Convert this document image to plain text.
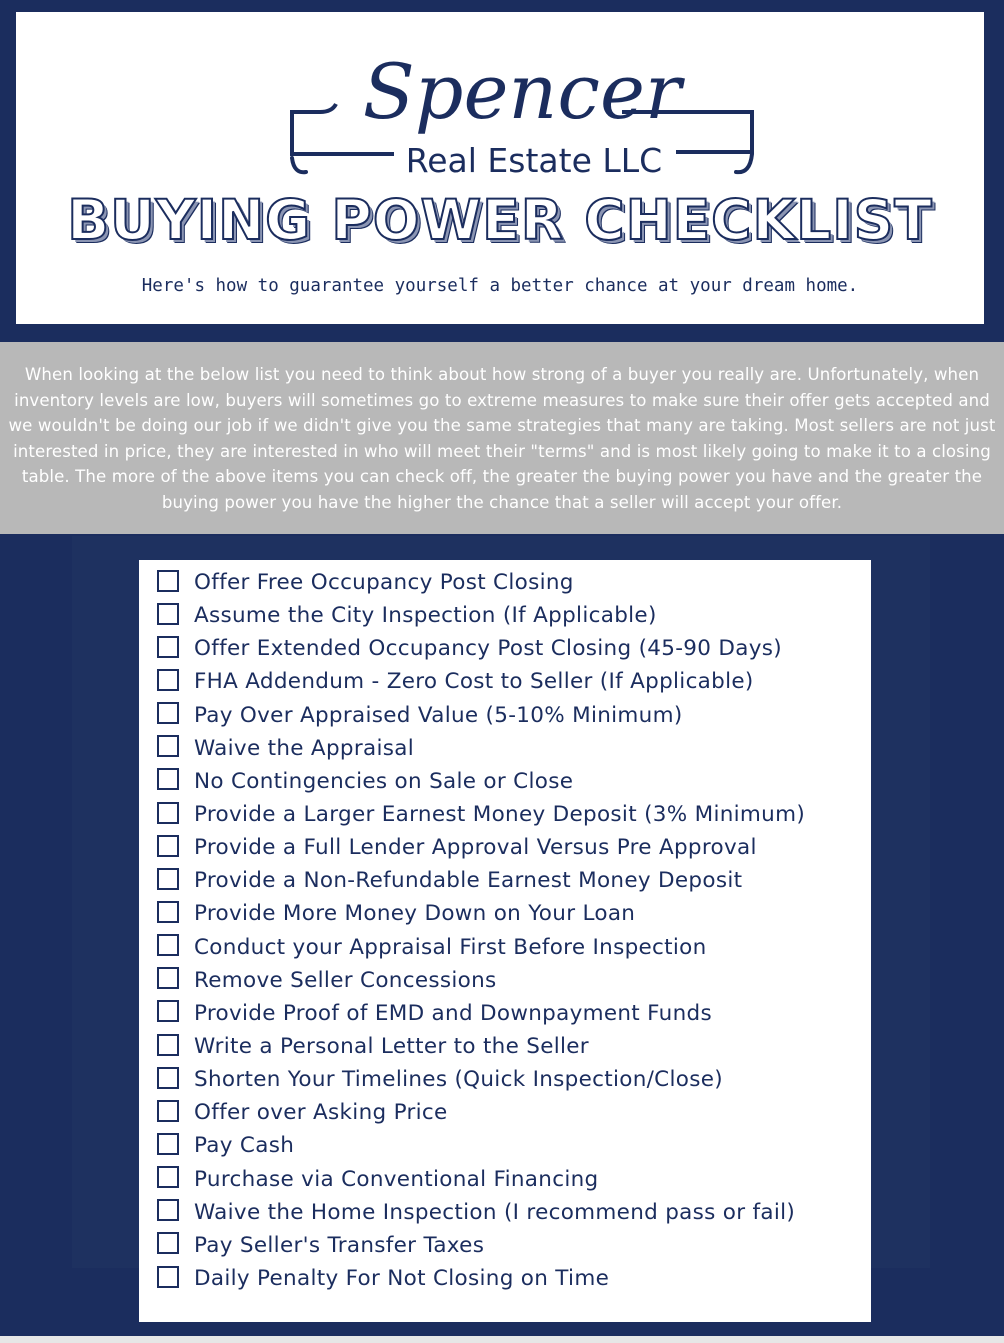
Spencer
Real Estate LLC
BUYING POWER CHECKLIST
Here's how to guarantee yourself a better chance at your dream home.

When looking at the below list you need to think about how strong of a buyer you really are. Unfortunately, when inventory levels are low, buyers will sometimes go to extreme measures to make sure their offer gets accepted and we wouldn't be doing our job if we didn't give you the same strategies that many are taking. Most sellers are not just interested in price, they are interested in who will meet their "terms" and is most likely going to make it to a closing table. The more of the above items you can check off, the greater the buying power you have and the greater the buying power you have the higher the chance that a seller will accept your offer.

Offer Free Occupancy Post Closing
Assume the City Inspection (If Applicable)
Offer Extended Occupancy Post Closing (45-90 Days)
FHA Addendum - Zero Cost to Seller (If Applicable)
Pay Over Appraised Value (5-10% Minimum)
Waive the Appraisal
No Contingencies on Sale or Close
Provide a Larger Earnest Money Deposit (3% Minimum)
Provide a Full Lender Approval Versus Pre Approval
Provide a Non-Refundable Earnest Money Deposit
Provide More Money Down on Your Loan
Conduct your Appraisal First Before Inspection
Remove Seller Concessions
Provide Proof of EMD and Downpayment Funds
Write a Personal Letter to the Seller
Shorten Your Timelines (Quick Inspection/Close)
Offer over Asking Price
Pay Cash
Purchase via Conventional Financing
Waive the Home Inspection (I recommend pass or fail)
Pay Seller's Transfer Taxes
Daily Penalty For Not Closing on Time
